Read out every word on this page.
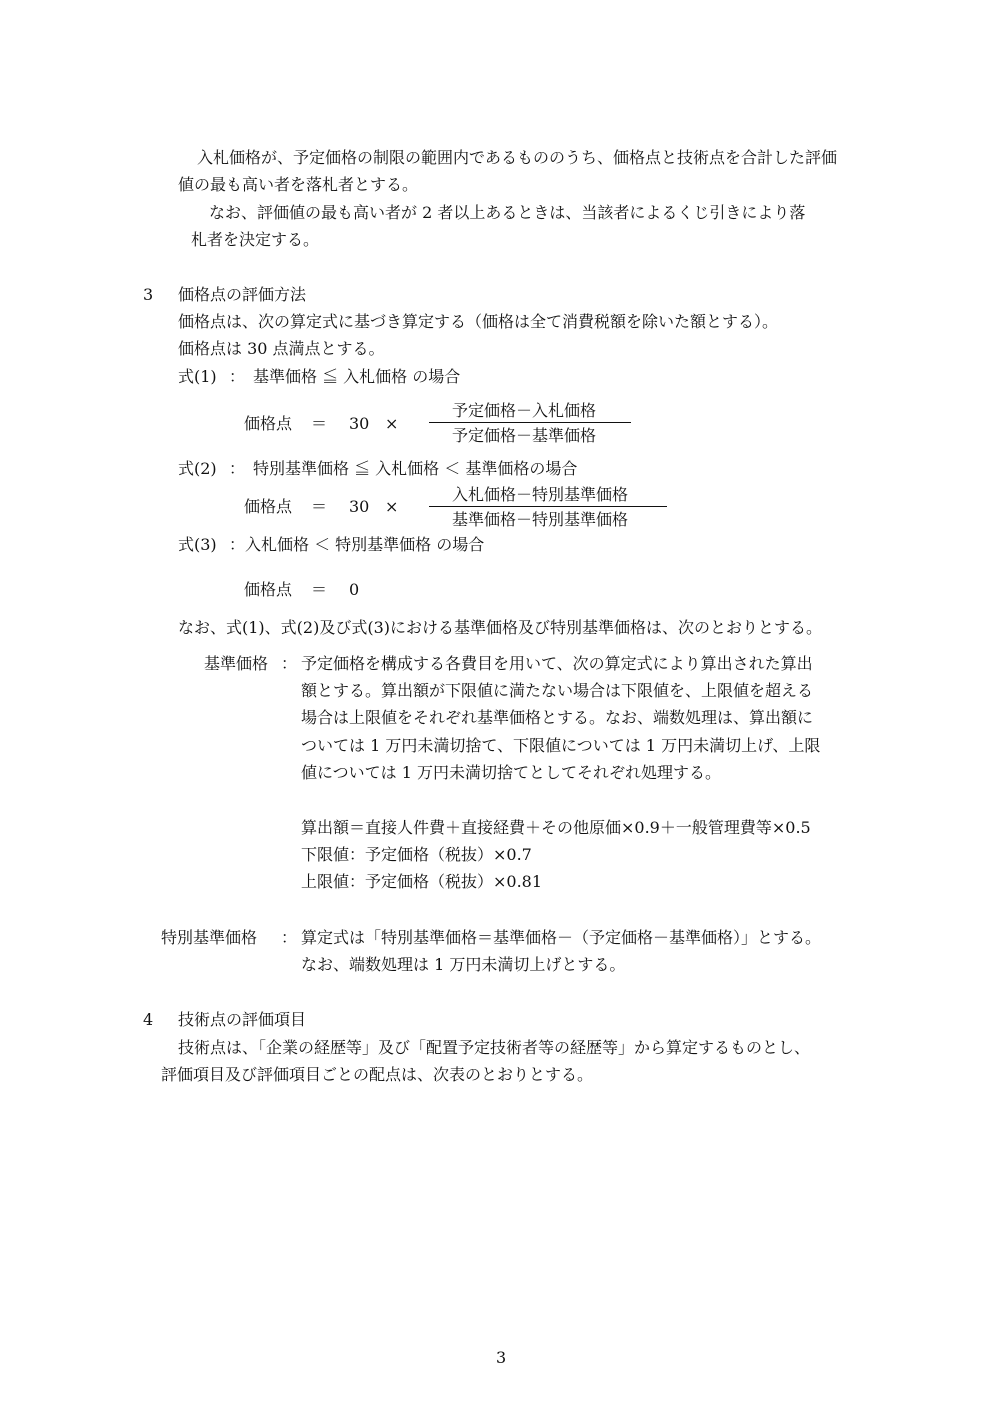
入札価格が、予定価格の制限の範囲内であるもののうち、価格点と技術点を合計した評価
値の最も高い者を落札者とする。
なお、評価値の最も高い者が 2 者以上あるときは、当該者によるくじ引きにより落
札者を決定する。
3 価格点の評価方法
価格点は、次の算定式に基づき算定する（価格は全て消費税額を除いた額とする）。
価格点は 30 点満点とする。
式(1) ： 基準価格 ≦ 入札価格 の場合
価格点 ＝ 30 ×
予定価格－入札価格
予定価格－基準価格
式(2) ： 特別基準価格 ≦ 入札価格 ＜ 基準価格の場合
価格点 ＝ 30 ×
入札価格－特別基準価格
基準価格－特別基準価格
式(3) ： 入札価格 ＜ 特別基準価格 の場合
価格点 ＝ 0
なお、式(1)、式(2)及び式(3)における基準価格及び特別基準価格は、次のとおりとする。
基準価格 ： 予定価格を構成する各費目を用いて、次の算定式により算出された算出
額とする。算出額が下限値に満たない場合は下限値を、上限値を超える
場合は上限値をそれぞれ基準価格とする。なお、端数処理は、算出額に
ついては 1 万円未満切捨て、下限値については 1 万円未満切上げ、上限
値については 1 万円未満切捨てとしてそれぞれ処理する。
算出額＝直接人件費＋直接経費＋その他原価×0.9＋一般管理費等×0.5
下限値：予定価格（税抜）×0.7
上限値：予定価格（税抜）×0.81
特別基準価格 ： 算定式は「特別基準価格＝基準価格－（予定価格－基準価格）」とする。
なお、端数処理は 1 万円未満切上げとする。
4 技術点の評価項目
技術点は、「企業の経歴等」及び「配置予定技術者等の経歴等」から算定するものとし、
評価項目及び評価項目ごとの配点は、次表のとおりとする。
3
